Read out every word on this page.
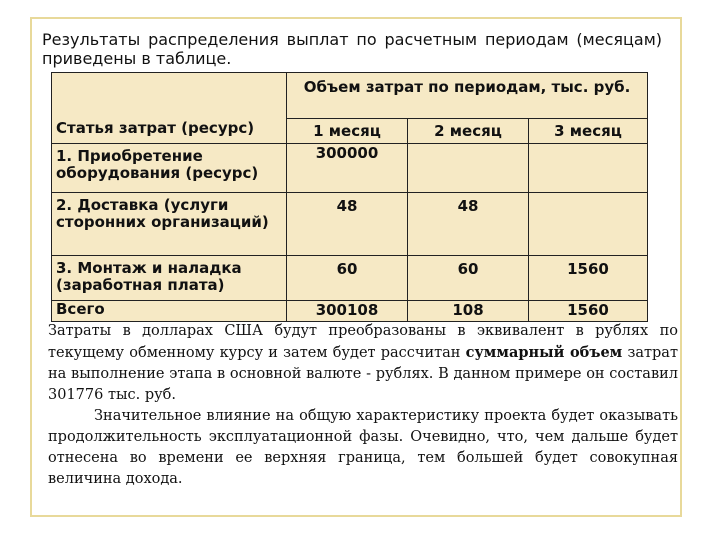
Результаты распределения выплат по расчетным периодам (месяцам) приведены в таблице.
Статья затрат (ресурс)	Объем затрат по периодам, тыс. руб.		
	1 месяц	2 месяц	3 месяц
1. Приобретение оборудования (ресурс)	300000		
2. Доставка (услуги сторонних организаций)	48	48	
3. Монтаж и наладка (заработная плата)	60	60	1560
Всего	300108	108	1560

Затраты в долларах США будут преобразованы в эквивалент в рублях по текущему обменному курсу и затем будет рассчитан суммарный объем затрат на выполнение этапа в основной валюте - рублях. В данном примере он составил 301776 тыс. руб.

Значительное влияние на общую характеристику проекта будет оказывать продолжительность эксплуатационной фазы. Очевидно, что, чем дальше будет отнесена во времени ее верхняя граница, тем большей будет совокупная величина дохода.
